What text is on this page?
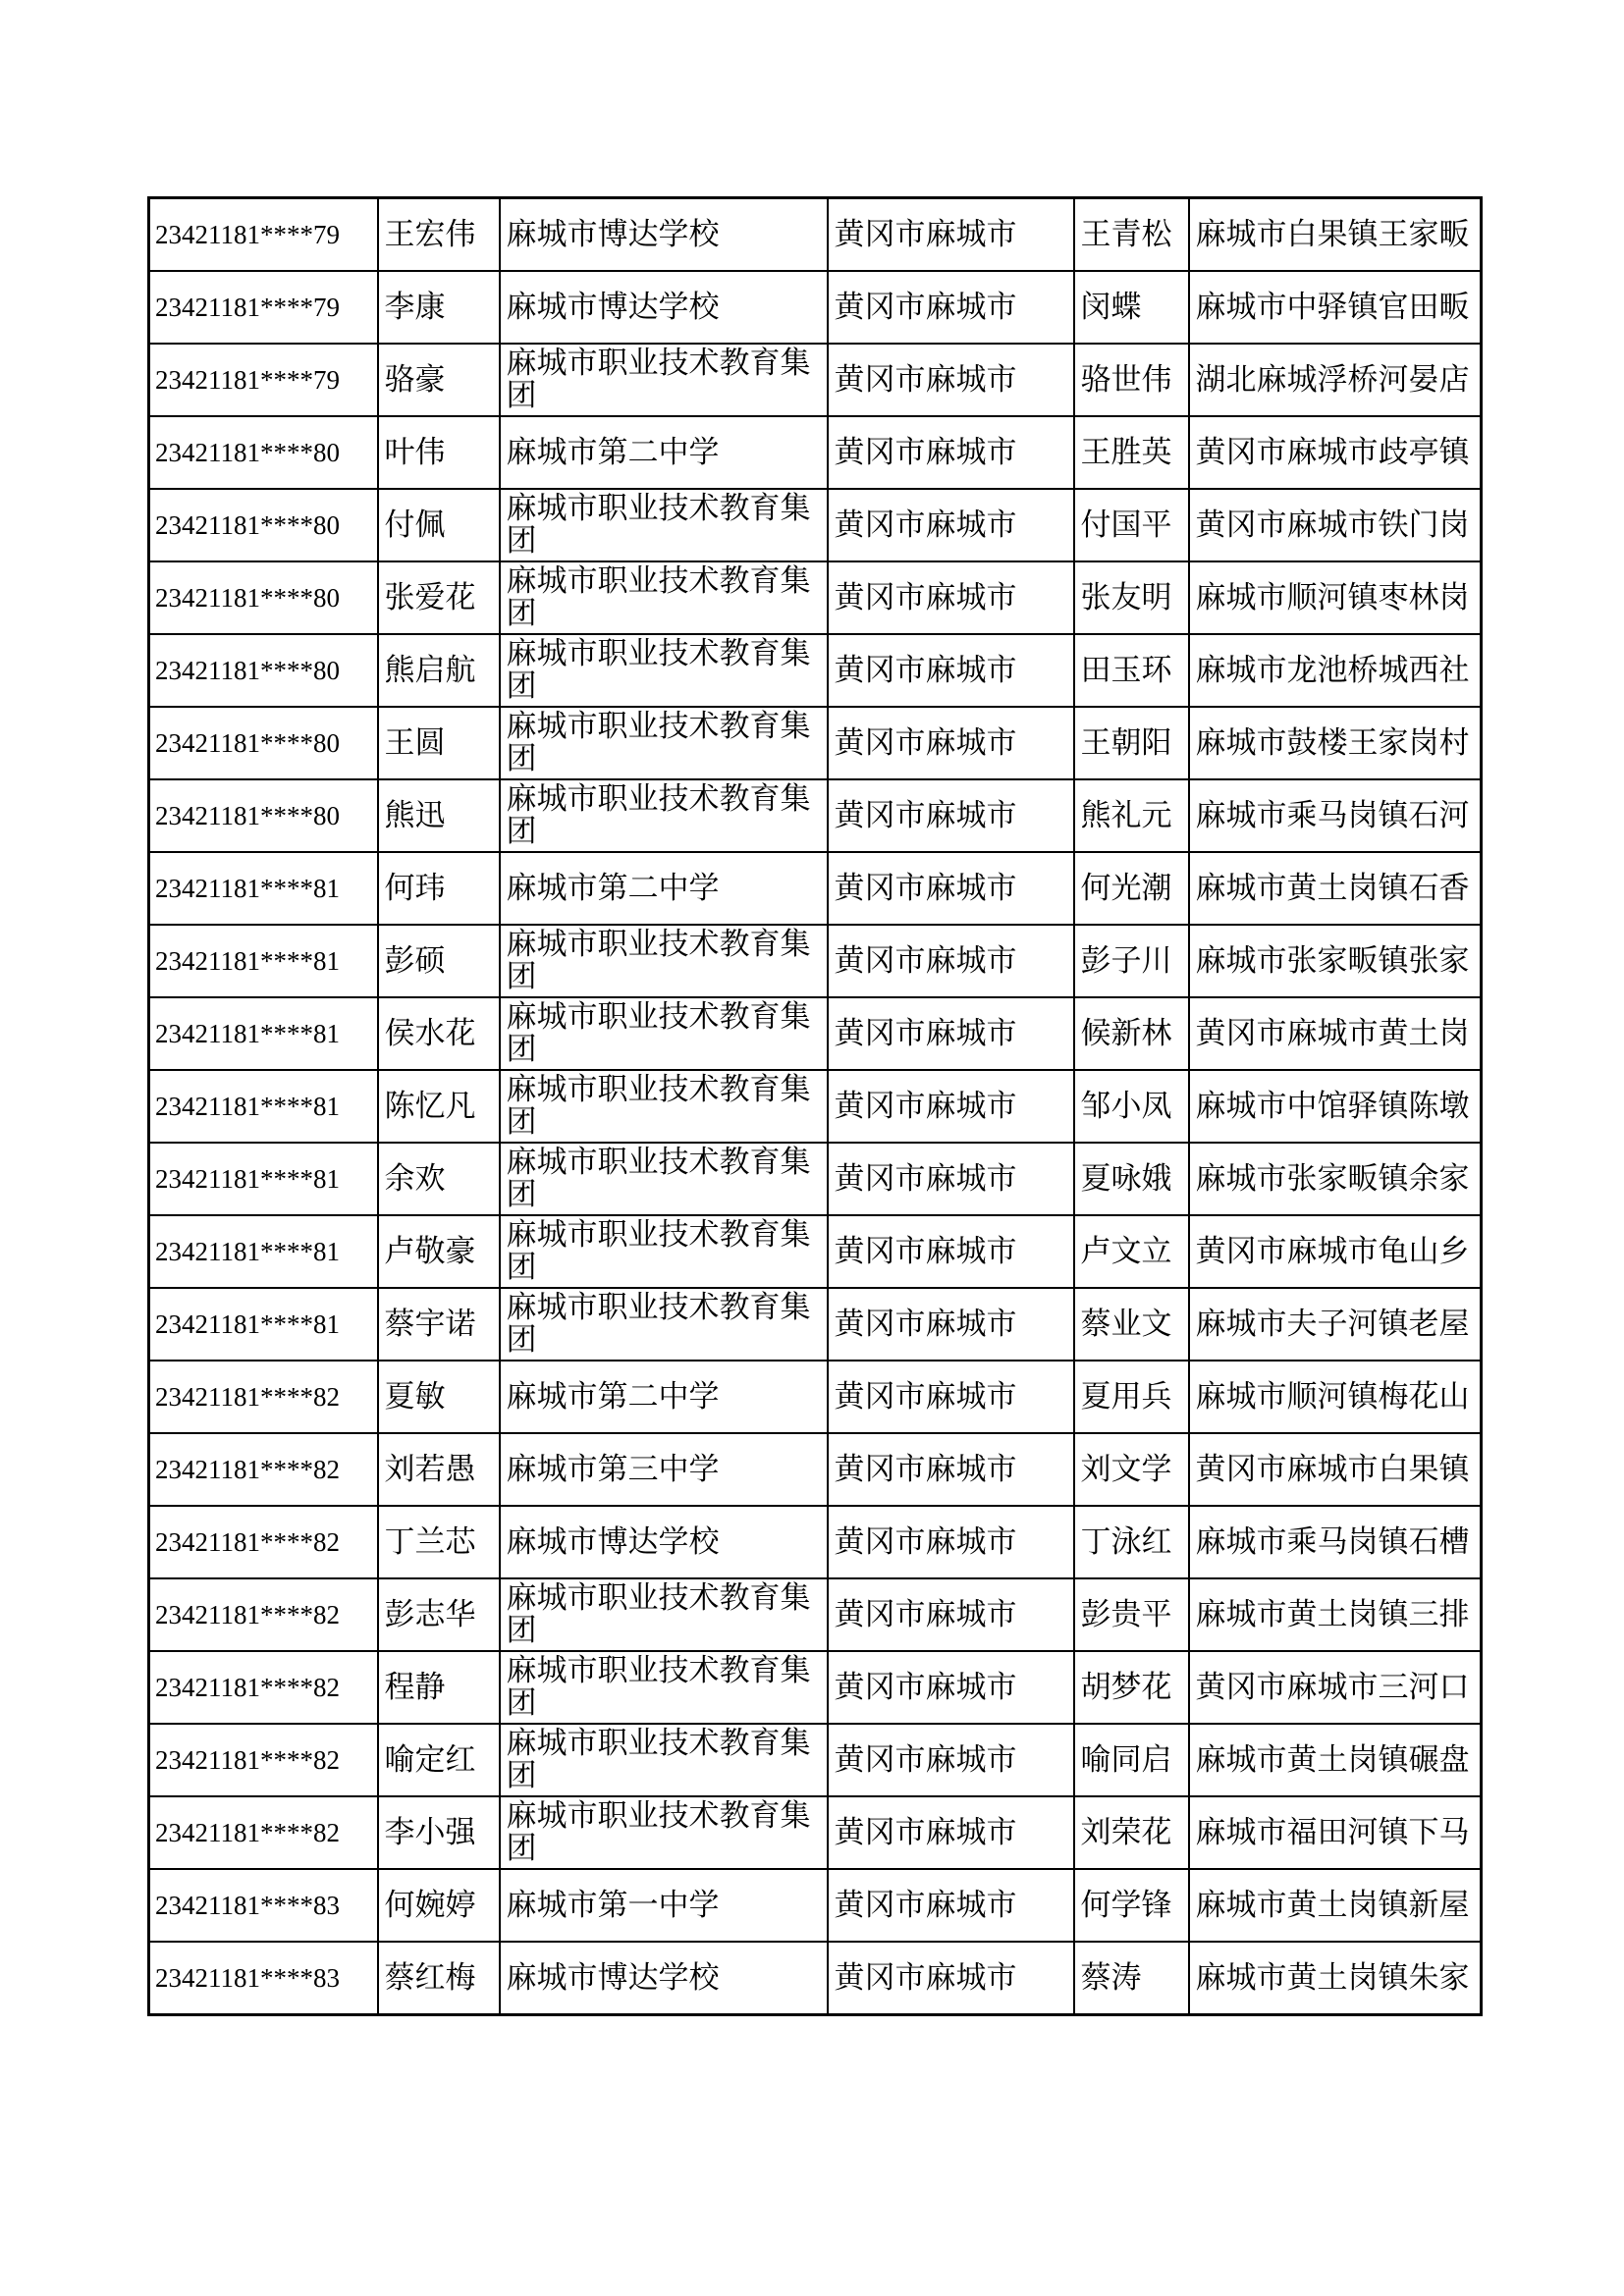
23421181****79	王宏伟	麻城市博达学校	黄冈市麻城市	王青松	麻城市白果镇王家畈
23421181****79	李康	麻城市博达学校	黄冈市麻城市	闵蝶	麻城市中驿镇官田畈
23421181****79	骆豪	麻城市职业技术教育集团	黄冈市麻城市	骆世伟	湖北麻城浮桥河晏店
23421181****80	叶伟	麻城市第二中学	黄冈市麻城市	王胜英	黄冈市麻城市歧亭镇
23421181****80	付佩	麻城市职业技术教育集团	黄冈市麻城市	付国平	黄冈市麻城市铁门岗
23421181****80	张爱花	麻城市职业技术教育集团	黄冈市麻城市	张友明	麻城市顺河镇枣林岗
23421181****80	熊启航	麻城市职业技术教育集团	黄冈市麻城市	田玉环	麻城市龙池桥城西社
23421181****80	王圆	麻城市职业技术教育集团	黄冈市麻城市	王朝阳	麻城市鼓楼王家岗村
23421181****80	熊迅	麻城市职业技术教育集团	黄冈市麻城市	熊礼元	麻城市乘马岗镇石河
23421181****81	何玮	麻城市第二中学	黄冈市麻城市	何光潮	麻城市黄土岗镇石香
23421181****81	彭硕	麻城市职业技术教育集团	黄冈市麻城市	彭子川	麻城市张家畈镇张家
23421181****81	侯水花	麻城市职业技术教育集团	黄冈市麻城市	候新林	黄冈市麻城市黄土岗
23421181****81	陈忆凡	麻城市职业技术教育集团	黄冈市麻城市	邹小凤	麻城市中馆驿镇陈墩
23421181****81	余欢	麻城市职业技术教育集团	黄冈市麻城市	夏咏娥	麻城市张家畈镇余家
23421181****81	卢敬豪	麻城市职业技术教育集团	黄冈市麻城市	卢文立	黄冈市麻城市龟山乡
23421181****81	蔡宇诺	麻城市职业技术教育集团	黄冈市麻城市	蔡业文	麻城市夫子河镇老屋
23421181****82	夏敏	麻城市第二中学	黄冈市麻城市	夏用兵	麻城市顺河镇梅花山
23421181****82	刘若愚	麻城市第三中学	黄冈市麻城市	刘文学	黄冈市麻城市白果镇
23421181****82	丁兰芯	麻城市博达学校	黄冈市麻城市	丁泳红	麻城市乘马岗镇石槽
23421181****82	彭志华	麻城市职业技术教育集团	黄冈市麻城市	彭贵平	麻城市黄土岗镇三排
23421181****82	程静	麻城市职业技术教育集团	黄冈市麻城市	胡梦花	黄冈市麻城市三河口
23421181****82	喻定红	麻城市职业技术教育集团	黄冈市麻城市	喻同启	麻城市黄土岗镇碾盘
23421181****82	李小强	麻城市职业技术教育集团	黄冈市麻城市	刘荣花	麻城市福田河镇下马
23421181****83	何婉婷	麻城市第一中学	黄冈市麻城市	何学锋	麻城市黄土岗镇新屋
23421181****83	蔡红梅	麻城市博达学校	黄冈市麻城市	蔡涛	麻城市黄土岗镇朱家
